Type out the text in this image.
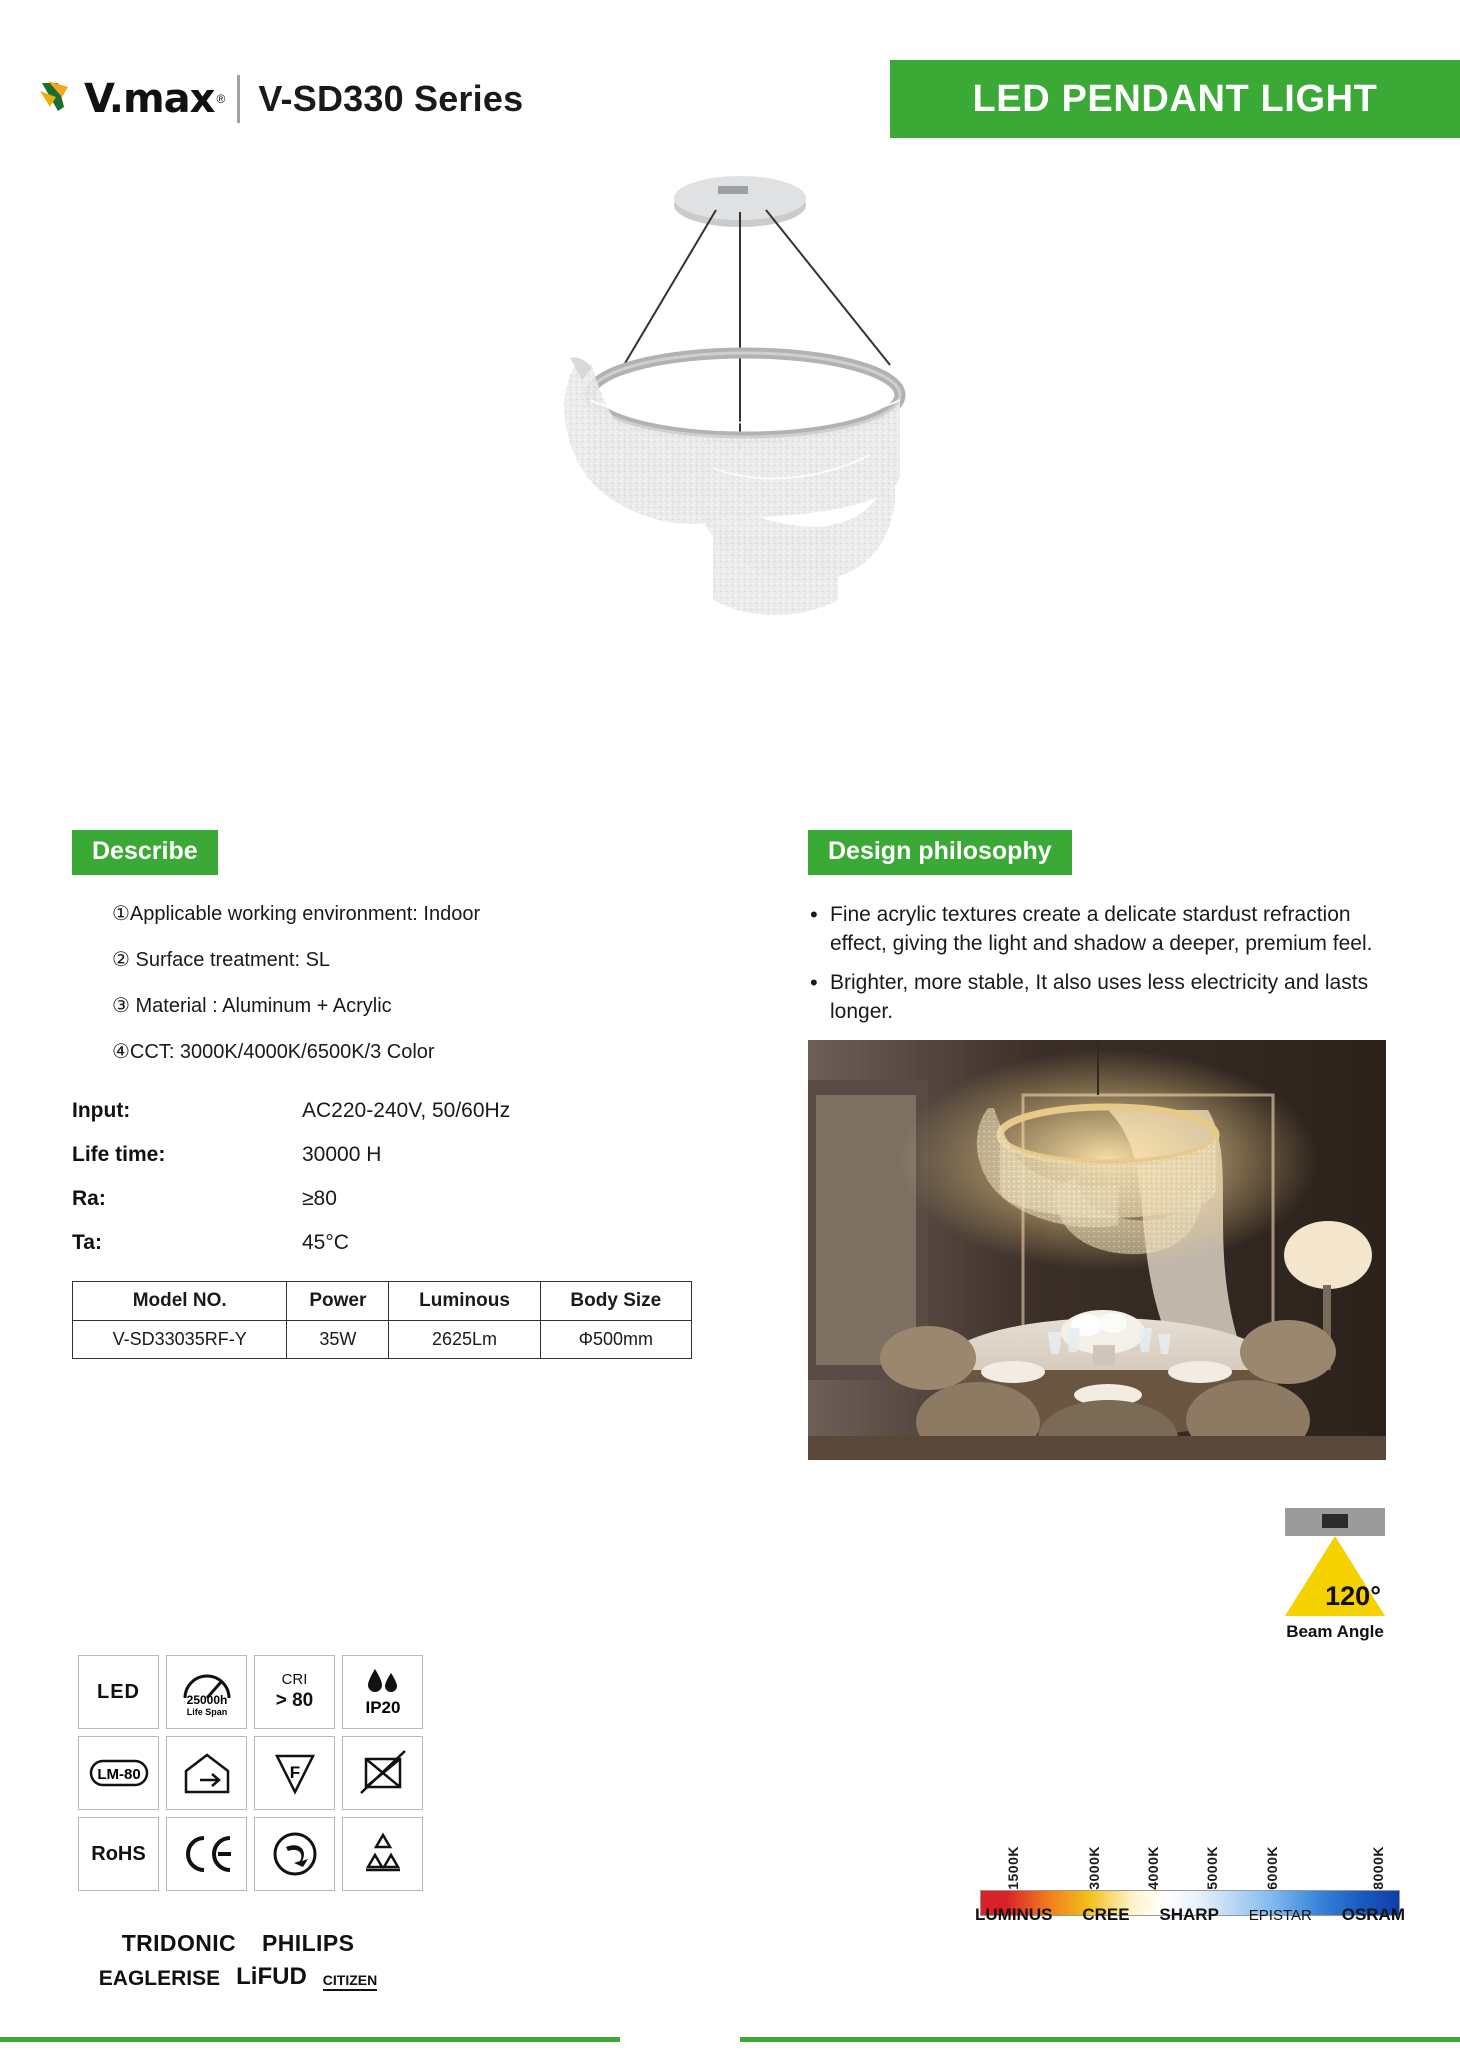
V.max ® V-SD330 Series	LED PENDANT LIGHT
Describe
①Applicable working environment: Indoor
② Surface treatment: SL
③ Material : Aluminum + Acrylic
④CCT: 3000K/4000K/6500K/3 Color
Input:	AC220-240V, 50/60Hz
Life time:	30000 H
Ra:	≥80
Ta:	45°C
Model NO.	Power	Luminous	Body Size
V-SD33035RF-Y	35W	2625Lm	Φ500mm
Design philosophy
• Fine acrylic textures create a delicate stardust refraction effect, giving the light and shadow a deeper, premium feel.
• Brighter, more stable, It also uses less electricity and lasts longer.
120°
Beam Angle
LED	25000h
Life Span
CRI
> 80	IP20
LM-80	F
RoHS
TRIDONIC PHILIPS
EAGLERISE LiFUD CITIZEN
1500K	3000K	4000K	5000K	6000K	8000K
LUMINUS CREE SHARP EPISTAR OSRAM
